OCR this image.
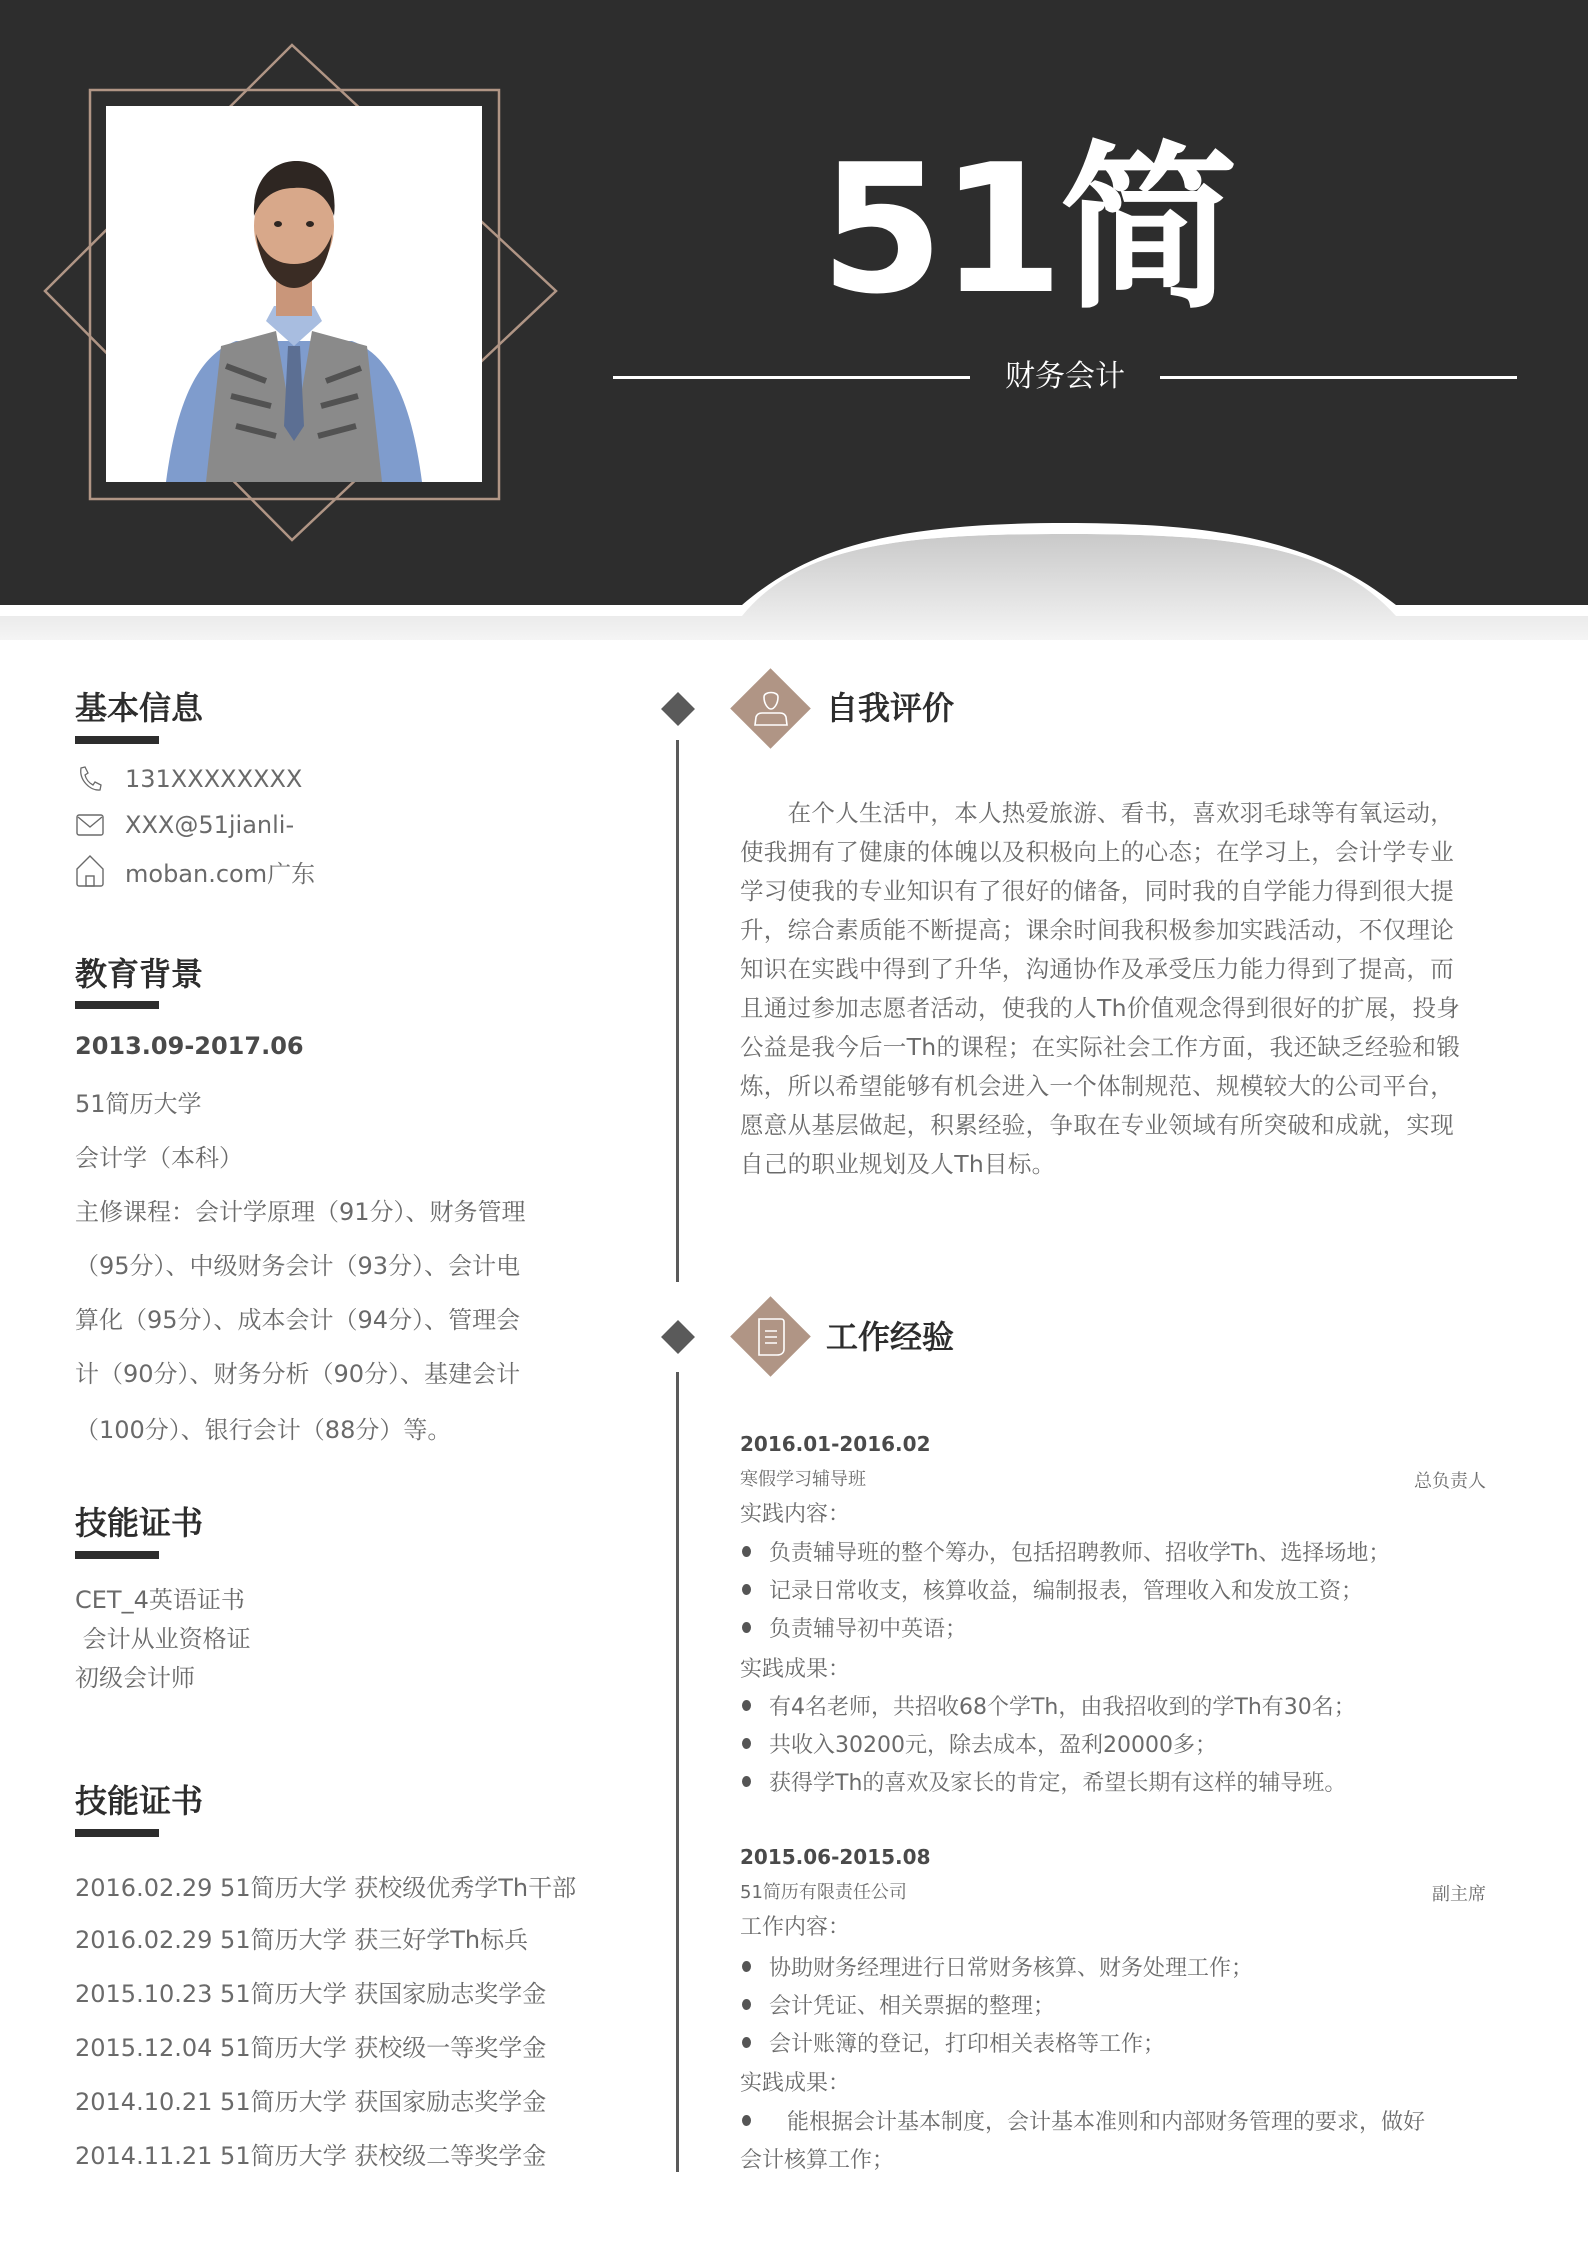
51简
财务会计
基本信息
131XXXXXXXX
XXX@51jianli-
moban.com广东
教育背景
2013.09-2017.06
51简历大学
会计学（本科）
主修课程：会计学原理（91分）、财务管理
（95分）、中级财务会计（93分）、会计电
算化（95分）、成本会计（94分）、管理会
计（90分）、财务分析（90分）、基建会计
（100分）、银行会计（88分）等。
技能证书
CET_4英语证书
会计从业资格证
初级会计师
技能证书
2016.02.29 51简历大学 获校级优秀学Th干部
2016.02.29 51简历大学 获三好学Th标兵
2015.10.23 51简历大学 获国家励志奖学金
2015.12.04 51简历大学 获校级一等奖学金
2014.10.21 51简历大学 获国家励志奖学金
2014.11.21 51简历大学 获校级二等奖学金
自我评价
　　在个人生活中，本人热爱旅游、看书，喜欢羽毛球等有氧运动，
使我拥有了健康的体魄以及积极向上的心态；在学习上，会计学专业
学习使我的专业知识有了很好的储备，同时我的自学能力得到很大提
升，综合素质能不断提高；课余时间我积极参加实践活动，不仅理论
知识在实践中得到了升华，沟通协作及承受压力能力得到了提高，而
且通过参加志愿者活动，使我的人Th价值观念得到很好的扩展，投身
公益是我今后一Th的课程；在实际社会工作方面，我还缺乏经验和锻
炼，所以希望能够有机会进入一个体制规范、规模较大的公司平台，
愿意从基层做起，积累经验，争取在专业领域有所突破和成就，实现
自己的职业规划及人Th目标。
工作经验
2016.01-2016.02
寒假学习辅导班	总负责人
实践内容：
负责辅导班的整个筹办，包括招聘教师、招收学Th、选择场地；
记录日常收支，核算收益，编制报表，管理收入和发放工资；
负责辅导初中英语；
实践成果：
有4名老师，共招收68个学Th，由我招收到的学Th有30名；
共收入30200元，除去成本，盈利20000多；
获得学Th的喜欢及家长的肯定，希望长期有这样的辅导班。
2015.06-2015.08
51简历有限责任公司	副主席
工作内容：
协助财务经理进行日常财务核算、财务处理工作；
会计凭证、相关票据的整理；
会计账簿的登记，打印相关表格等工作；
实践成果：
能根据会计基本制度，会计基本准则和内部财务管理的要求，做好
会计核算工作；
